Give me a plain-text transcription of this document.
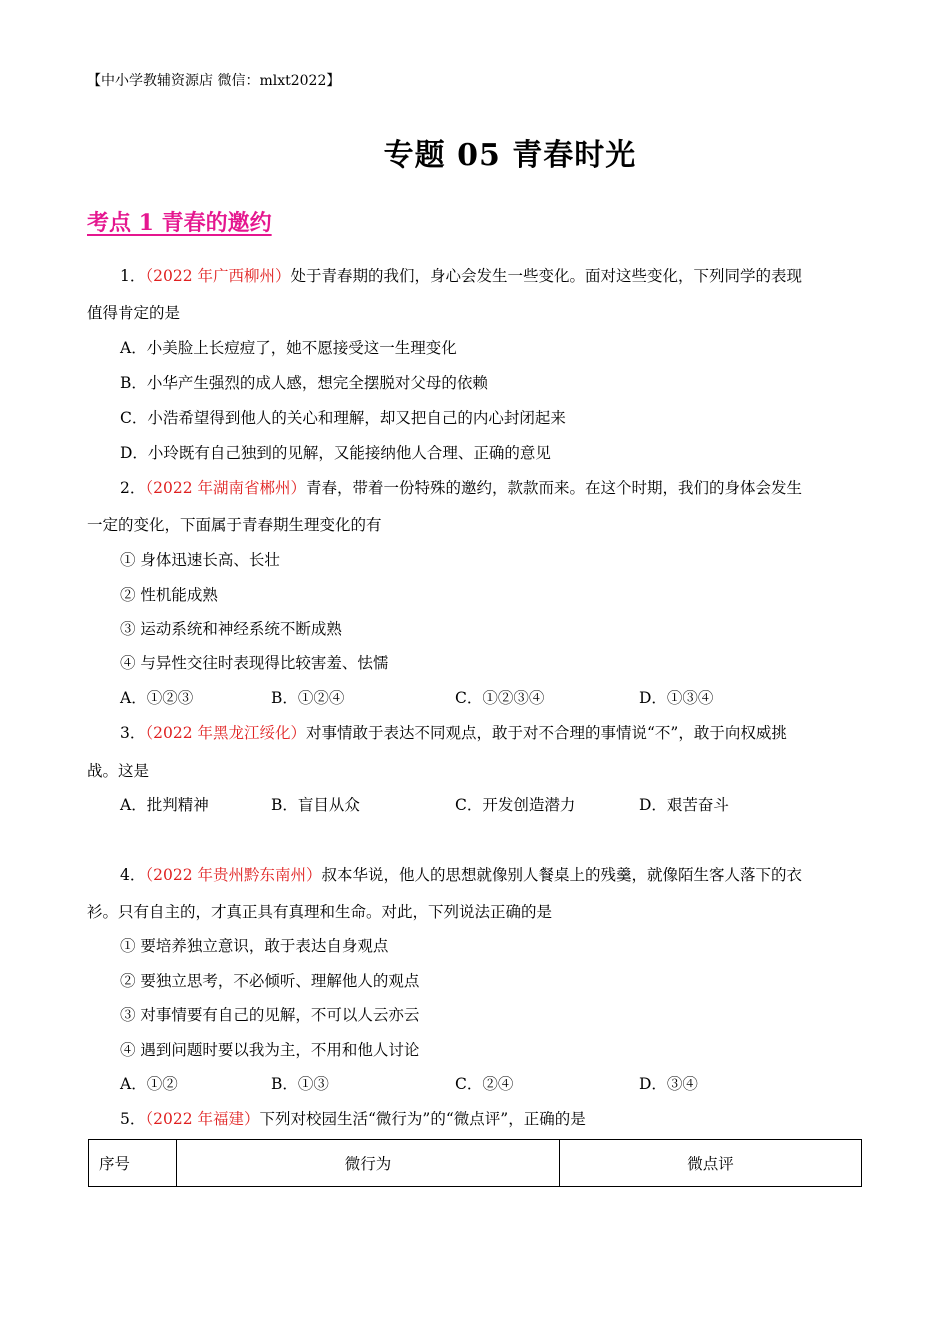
【中小学教辅资源店 微信：mlxt2022】
专题 05 青春时光
考点 1 青春的邀约
1．（2022 年广西柳州）处于青春期的我们，身心会发生一些变化。面对这些变化，下列同学的表现
值得肯定的是
A．小美脸上长痘痘了，她不愿接受这一生理变化
B．小华产生强烈的成人感，想完全摆脱对父母的依赖
C．小浩希望得到他人的关心和理解，却又把自己的内心封闭起来
D．小玲既有自己独到的见解，又能接纳他人合理、正确的意见
2．（2022 年湖南省郴州）青春，带着一份特殊的邀约，款款而来。在这个时期，我们的身体会发生
一定的变化，下面属于青春期生理变化的有
① 身体迅速长高、长壮
② 性机能成熟
③ 运动系统和神经系统不断成熟
④ 与异性交往时表现得比较害羞、怯懦
A．①②③	B．①②④	C．①②③④	D．①③④
3．（2022 年黑龙江绥化）对事情敢于表达不同观点，敢于对不合理的事情说“不”，敢于向权威挑
战。这是
A．批判精神	B．盲目从众	C．开发创造潜力	D．艰苦奋斗
4．（2022 年贵州黔东南州）叔本华说，他人的思想就像别人餐桌上的残羹，就像陌生客人落下的衣
衫。只有自主的，才真正具有真理和生命。对此，下列说法正确的是
① 要培养独立意识，敢于表达自身观点
② 要独立思考，不必倾听、理解他人的观点
③ 对事情要有自己的见解，不可以人云亦云
④ 遇到问题时要以我为主，不用和他人讨论
A．①②	B．①③	C．②④	D．③④
5．（2022 年福建）下列对校园生活“微行为”的“微点评”，正确的是
序号	微行为	微点评
